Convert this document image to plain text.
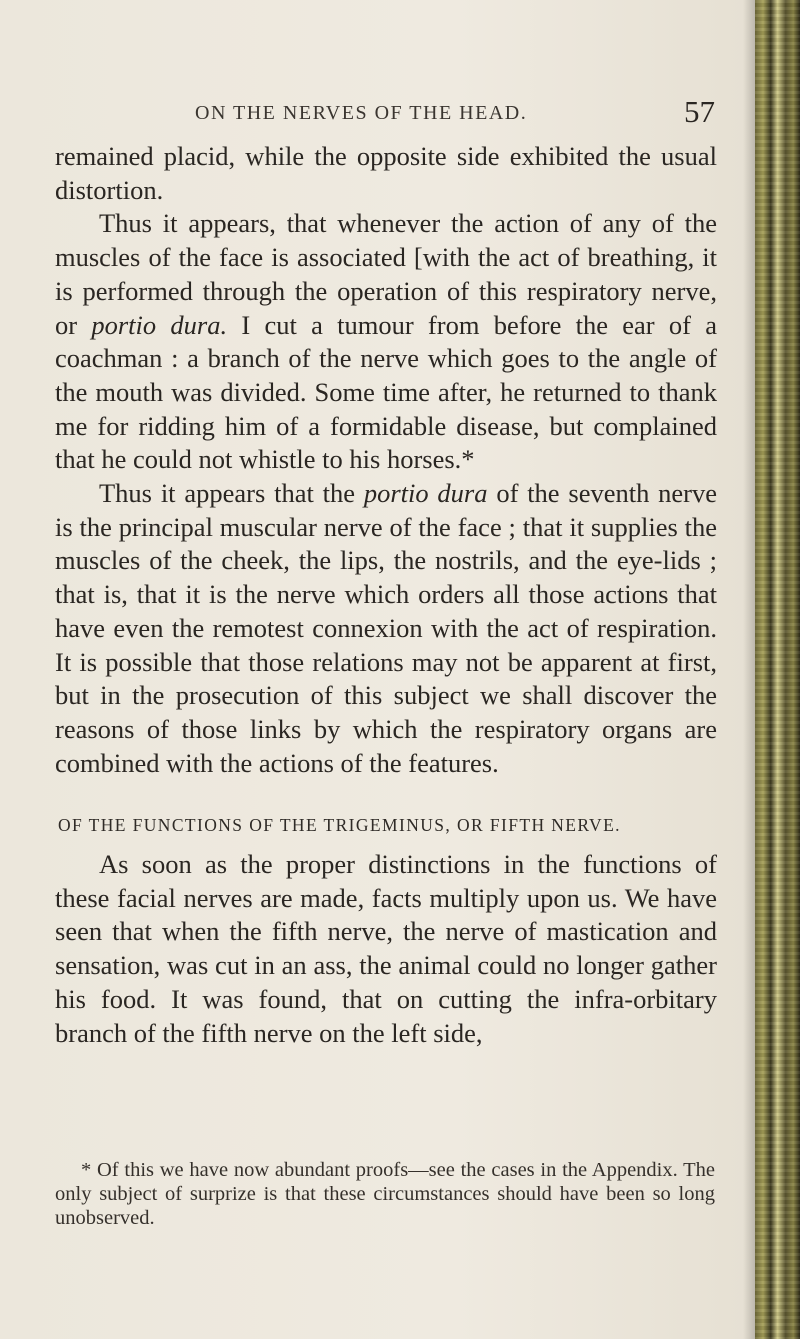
ON THE NERVES OF THE HEAD.	57

remained placid, while the opposite side exhibited the usual distortion.

Thus it appears, that whenever the action of any of the muscles of the face is associated [with the act of breathing, it is performed through the operation of this respiratory nerve, or portio dura. I cut a tumour from before the ear of a coachman : a branch of the nerve which goes to the angle of the mouth was divided. Some time after, he returned to thank me for ridding him of a formidable disease, but complained that he could not whistle to his horses.*

Thus it appears that the portio dura of the seventh nerve is the principal muscular nerve of the face ; that it supplies the muscles of the cheek, the lips, the nostrils, and the eye-lids ; that is, that it is the nerve which orders all those actions that have even the remotest connexion with the act of respiration. It is possible that those relations may not be apparent at first, but in the prosecution of this subject we shall discover the reasons of those links by which the respiratory organs are combined with the actions of the features.

OF THE FUNCTIONS OF THE TRIGEMINUS, OR FIFTH NERVE.

As soon as the proper distinctions in the functions of these facial nerves are made, facts multiply upon us. We have seen that when the fifth nerve, the nerve of mastication and sensation, was cut in an ass, the animal could no longer gather his food. It was found, that on cutting the infra-orbitary branch of the fifth nerve on the left side,

* Of this we have now abundant proofs—see the cases in the Appendix. The only subject of surprize is that these circumstances should have been so long unobserved.
